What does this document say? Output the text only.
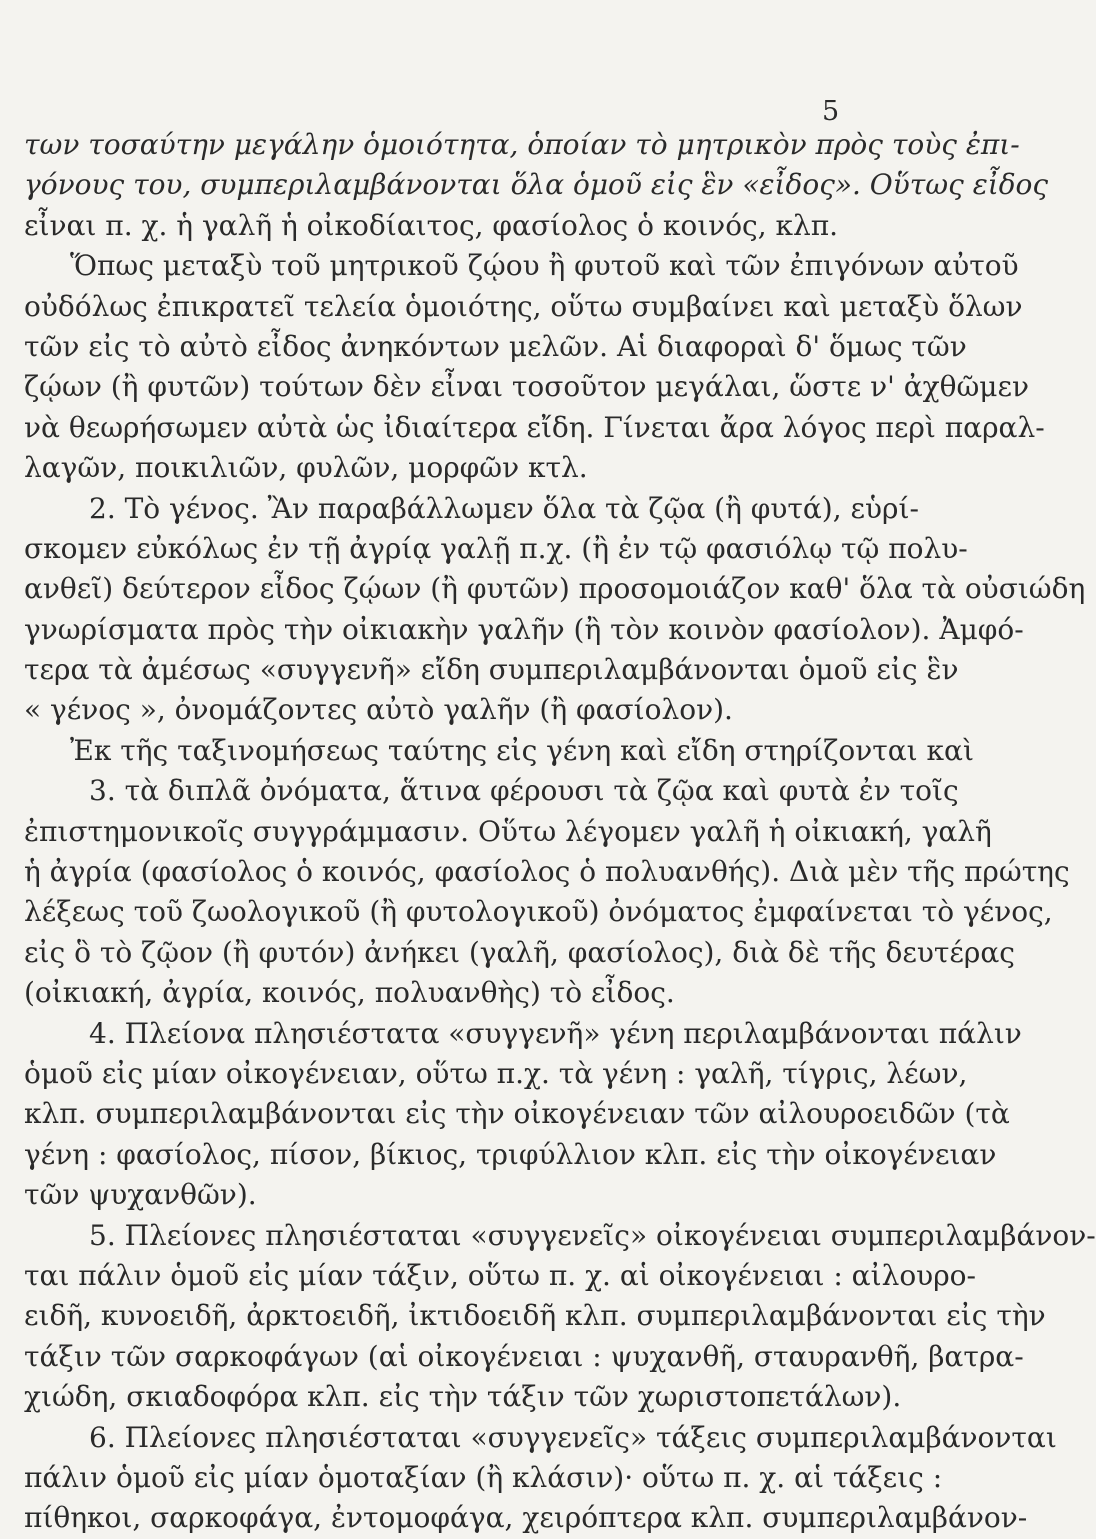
5
των τοσαύτην μεγάλην ὁμοιότητα, ὁποίαν τὸ μητρικὸν πρὸς τοὺς ἐπι-
γόνους του, συμπεριλαμβάνονται ὅλα ὁμοῦ εἰς ἓν «εἶδος». Οὕτως εἶδος
εἶναι π. χ. ἡ γαλῆ ἡ οἰκοδίαιτος, φασίολος ὁ κοινός, κλπ.
Ὅπως μεταξὺ τοῦ μητρικοῦ ζῴου ἢ φυτοῦ καὶ τῶν ἐπιγόνων αὐτοῦ
οὐδόλως ἐπικρατεῖ τελεία ὁμοιότης, οὕτω συμβαίνει καὶ μεταξὺ ὅλων
τῶν εἰς τὸ αὐτὸ εἶδος ἀνηκόντων μελῶν. Αἱ διαφοραὶ δ' ὅμως τῶν
ζῴων (ἢ φυτῶν) τούτων δὲν εἶναι τοσοῦτον μεγάλαι, ὥστε ν' ἀχθῶμεν
νὰ θεωρήσωμεν αὐτὰ ὡς ἰδιαίτερα εἴδη. Γίνεται ἄρα λόγος περὶ παραλ-
λαγῶν, ποικιλιῶν, φυλῶν, μορφῶν κτλ.
2. Τὸ γένος. Ἂν παραβάλλωμεν ὅλα τὰ ζῷα (ἢ φυτά), εὑρί-
σκομεν εὐκόλως ἐν τῇ ἀγρίᾳ γαλῇ π.χ. (ἢ ἐν τῷ φασιόλῳ τῷ πολυ-
ανθεῖ) δεύτερον εἶδος ζῴων (ἢ φυτῶν) προσομοιάζον καθ' ὅλα τὰ οὐσιώδη
γνωρίσματα πρὸς τὴν οἰκιακὴν γαλῆν (ἢ τὸν κοινὸν φασίολον). Ἀμφό-
τερα τὰ ἀμέσως «συγγενῆ» εἴδη συμπεριλαμβάνονται ὁμοῦ εἰς ἓν
« γένος », ὀνομάζοντες αὐτὸ γαλῆν (ἢ φασίολον).
Ἐκ τῆς ταξινομήσεως ταύτης εἰς γένη καὶ εἴδη στηρίζονται καὶ
3. τὰ διπλᾶ ὀνόματα, ἅτινα φέρουσι τὰ ζῷα καὶ φυτὰ ἐν τοῖς
ἐπιστημονικοῖς συγγράμμασιν. Οὕτω λέγομεν γαλῆ ἡ οἰκιακή, γαλῆ
ἡ ἀγρία (φασίολος ὁ κοινός, φασίολος ὁ πολυανθής). Διὰ μὲν τῆς πρώτης
λέξεως τοῦ ζωολογικοῦ (ἢ φυτολογικοῦ) ὀνόματος ἐμφαίνεται τὸ γένος,
εἰς ὃ τὸ ζῷον (ἢ φυτόν) ἀνήκει (γαλῆ, φασίολος), διὰ δὲ τῆς δευτέρας
(οἰκιακή, ἀγρία, κοινός, πολυανθὴς) τὸ εἶδος.
4. Πλείονα πλησιέστατα «συγγενῆ» γένη περιλαμβάνονται πάλιν
ὁμοῦ εἰς μίαν οἰκογένειαν, οὕτω π.χ. τὰ γένη : γαλῆ, τίγρις, λέων,
κλπ. συμπεριλαμβάνονται εἰς τὴν οἰκογένειαν τῶν αἰλουροειδῶν (τὰ
γένη : φασίολος, πίσον, βίκιος, τριφύλλιον κλπ. εἰς τὴν οἰκογένειαν
τῶν ψυχανθῶν).
5. Πλείονες πλησιέσταται «συγγενεῖς» οἰκογένειαι συμπεριλαμβάνον-
ται πάλιν ὁμοῦ εἰς μίαν τάξιν, οὕτω π. χ. αἱ οἰκογένειαι : αἰλουρο-
ειδῆ, κυνοειδῆ, ἀρκτοειδῆ, ἰκτιδοειδῆ κλπ. συμπεριλαμβάνονται εἰς τὴν
τάξιν τῶν σαρκοφάγων (αἱ οἰκογένειαι : ψυχανθῆ, σταυρανθῆ, βατρα-
χιώδη, σκιαδοφόρα κλπ. εἰς τὴν τάξιν τῶν χωριστοπετάλων).
6. Πλείονες πλησιέσταται «συγγενεῖς» τάξεις συμπεριλαμβάνονται
πάλιν ὁμοῦ εἰς μίαν ὁμοταξίαν (ἢ κλάσιν)· οὕτω π. χ. αἱ τάξεις :
πίθηκοι, σαρκοφάγα, ἐντομοφάγα, χειρόπτερα κλπ. συμπεριλαμβάνον-
